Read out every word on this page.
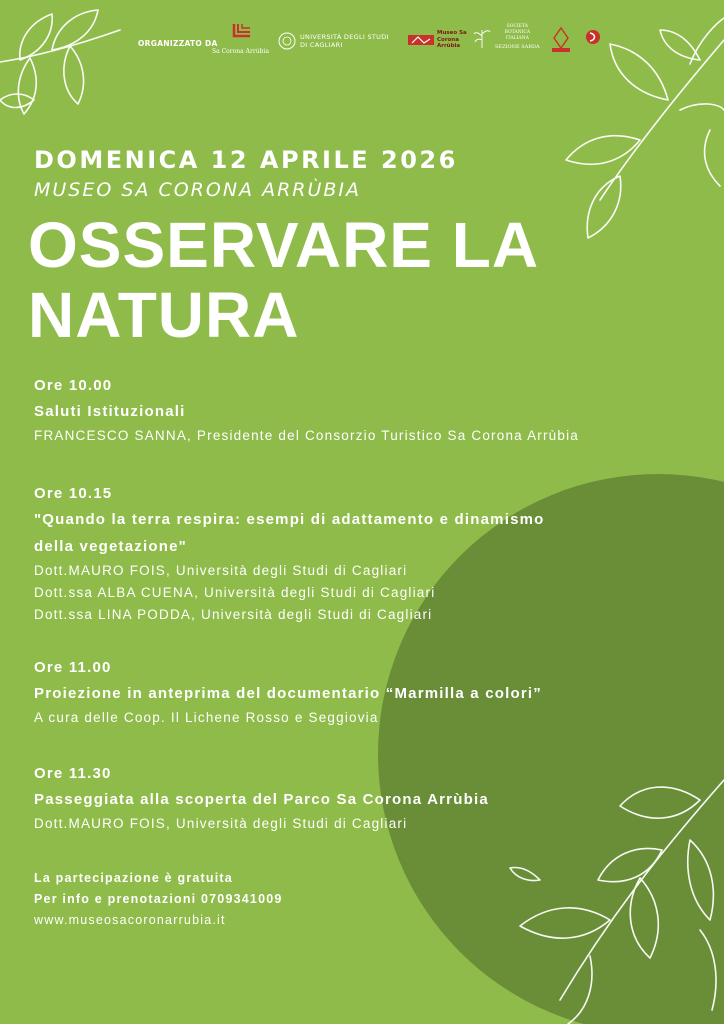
ORGANIZZATO DA
Sa Corona Arrùbia
UNIVERSITÀ DEGLI STUDI DI CAGLIARI
Museo Sa Corona Arrùbia
SOCIETÀ BOTANICA ITALIANA
SEZIONE SARDA
DOMENICA 12 APRILE 2026
MUSEO SA CORONA ARRÙBIA
OSSERVARE LA
NATURA
Ore 10.00
Saluti Istituzionali
FRANCESCO SANNA, Presidente del Consorzio Turistico Sa Corona Arrùbia
Ore 10.15
"Quando la terra respira: esempi di adattamento e dinamismo
della vegetazione"
Dott.MAURO FOIS, Università degli Studi di Cagliari
Dott.ssa ALBA CUENA, Università degli Studi di Cagliari
Dott.ssa LINA PODDA, Università degli Studi di Cagliari
Ore 11.00
Proiezione in anteprima del documentario “Marmilla a colori”
A cura delle Coop. Il Lichene Rosso e Seggiovia
Ore 11.30
Passeggiata alla scoperta del Parco Sa Corona Arrùbia
Dott.MAURO FOIS, Università degli Studi di Cagliari
La partecipazione è gratuita
Per info e prenotazioni 0709341009
www.museosacoronarrubia.it
